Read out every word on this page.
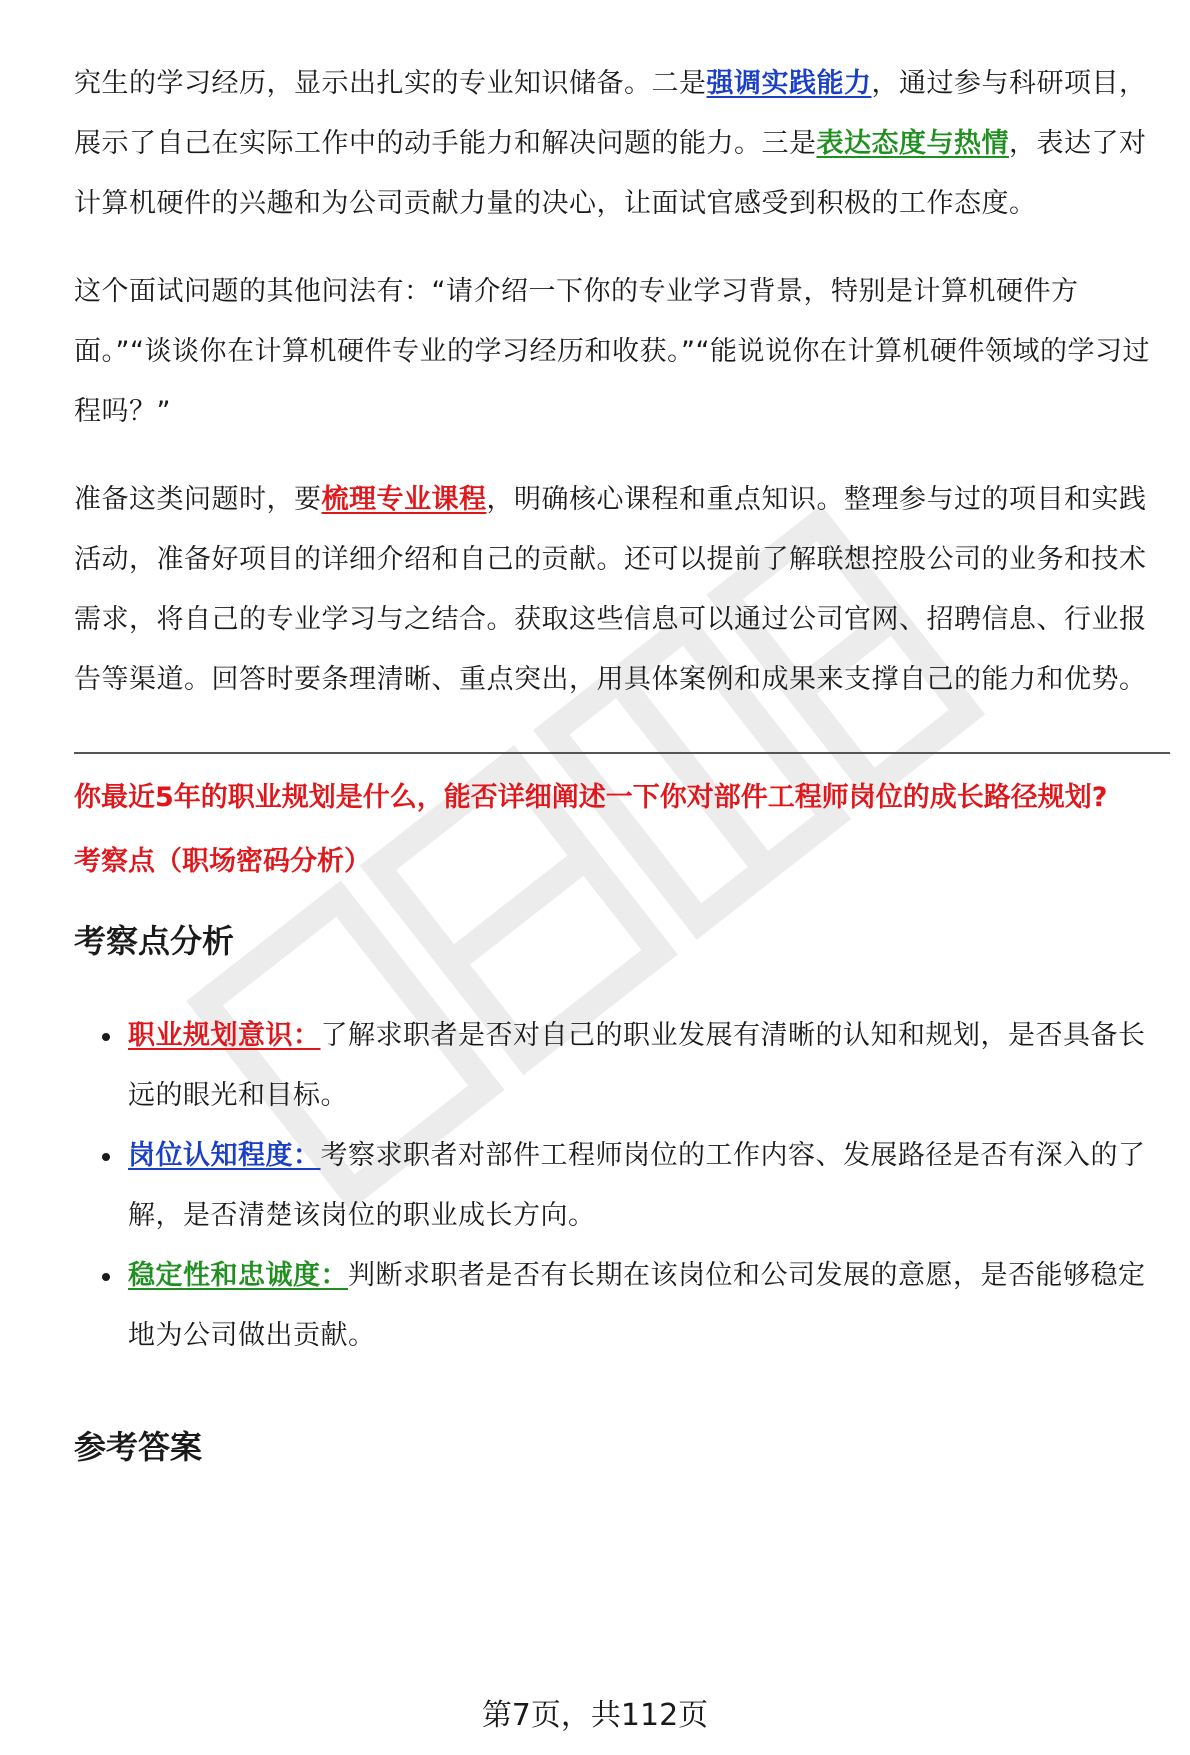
究生的学习经历，显示出扎实的专业知识储备。二是强调实践能力，通过参与科研项目，展示了自己在实际工作中的动手能力和解决问题的能力。三是表达态度与热情，表达了对计算机硬件的兴趣和为公司贡献力量的决心，让面试官感受到积极的工作态度。

这个面试问题的其他问法有：“请介绍一下你的专业学习背景，特别是计算机硬件方面。”“谈谈你在计算机硬件专业的学习经历和收获。”“能说说你在计算机硬件领域的学习过程吗？”

准备这类问题时，要梳理专业课程，明确核心课程和重点知识。整理参与过的项目和实践活动，准备好项目的详细介绍和自己的贡献。还可以提前了解联想控股公司的业务和技术需求，将自己的专业学习与之结合。获取这些信息可以通过公司官网、招聘信息、行业报告等渠道。回答时要条理清晰、重点突出，用具体案例和成果来支撑自己的能力和优势。

你最近5年的职业规划是什么，能否详细阐述一下你对部件工程师岗位的成长路径规划?

考察点（职场密码分析）

考察点分析
职业规划意识：了解求职者是否对自己的职业发展有清晰的认知和规划，是否具备长远的眼光和目标。
岗位认知程度：考察求职者对部件工程师岗位的工作内容、发展路径是否有深入的了解，是否清楚该岗位的职业成长方向。
稳定性和忠诚度：判断求职者是否有长期在该岗位和公司发展的意愿，是否能够稳定地为公司做出贡献。
参考答案
第7页，共112页
